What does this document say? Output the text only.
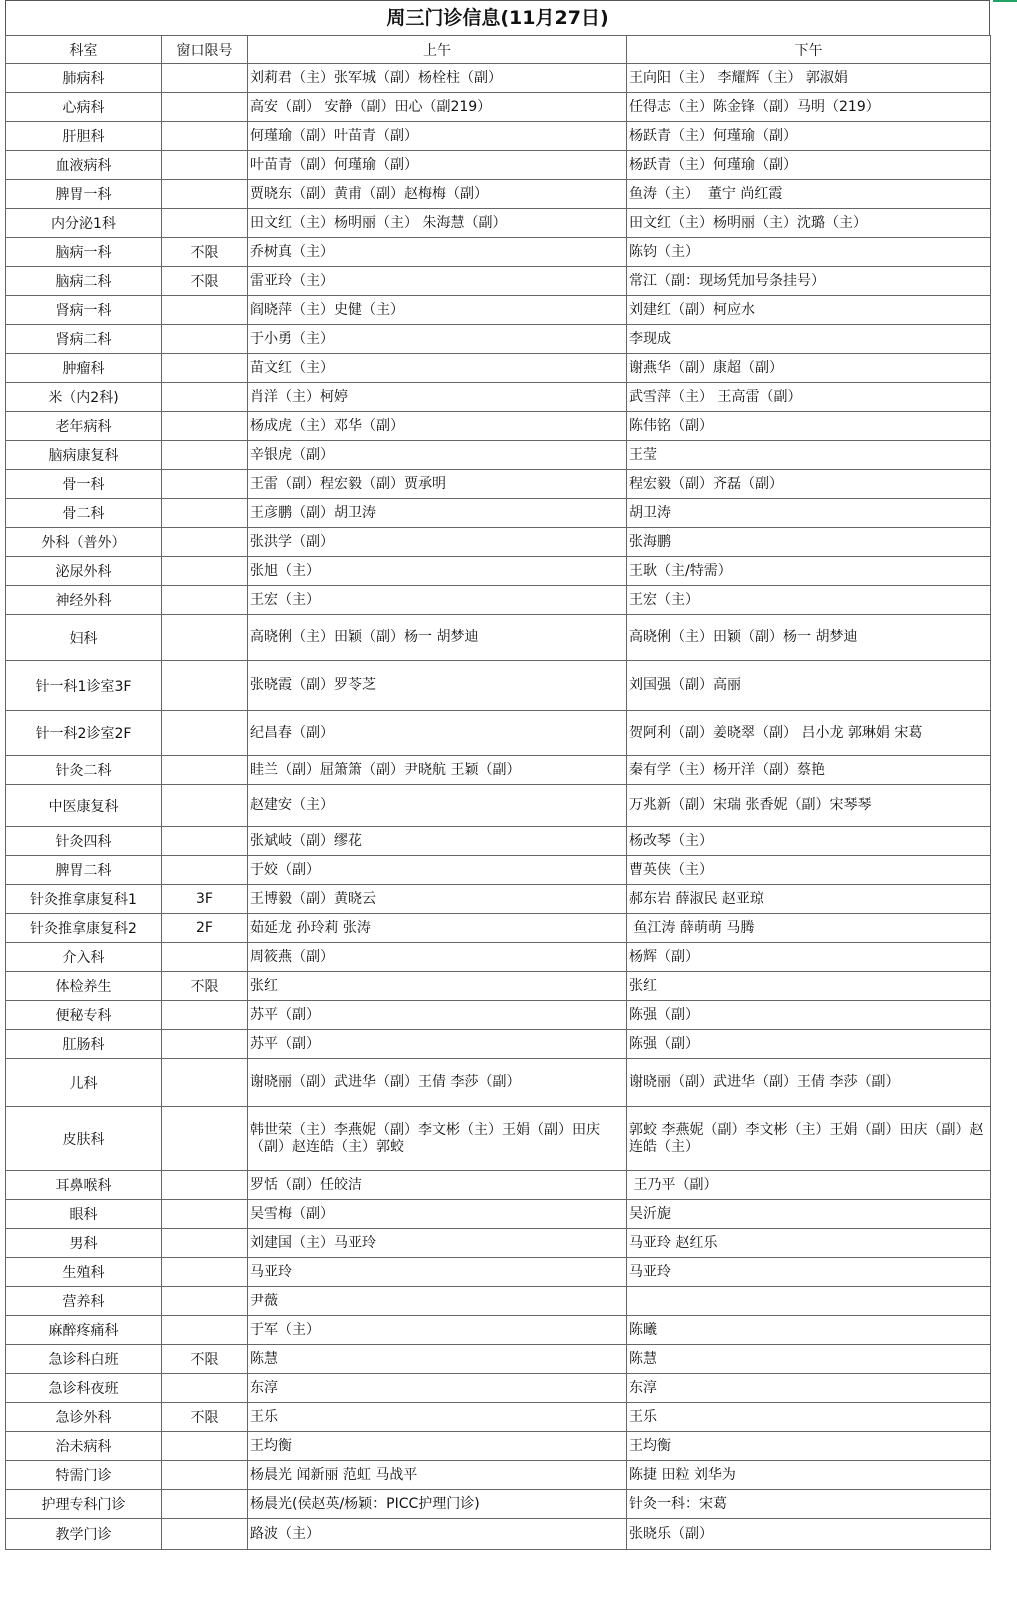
周三门诊信息(11月27日)
科室	窗口限号	上午	下午
肺病科		刘莉君（主）张军城（副）杨栓柱（副）	王向阳（主） 李耀辉（主） 郭淑娟
心病科		高安（副） 安静（副）田心（副219）	任得志（主）陈金锋（副）马明（219）
肝胆科		何瑾瑜（副）叶苗青（副）	杨跃青（主）何瑾瑜（副）
血液病科		叶苗青（副）何瑾瑜（副）	杨跃青（主）何瑾瑜（副）
脾胃一科		贾晓东（副）黄甫（副）赵梅梅（副）	鱼涛（主）  董宁 尚红霞
内分泌1科		田文红（主）杨明丽（主） 朱海慧（副）	田文红（主）杨明丽（主）沈璐（主）
脑病一科	不限	乔树真（主）	陈钧（主）
脑病二科	不限	雷亚玲（主）	常江（副：现场凭加号条挂号）
肾病一科		阎晓萍（主）史健（主）	刘建红（副）柯应水
肾病二科		于小勇（主）	李现成
肿瘤科		苗文红（主）	谢燕华（副）康超（副）
米（内2科)		肖洋（主）柯婷	武雪萍（主） 王高雷（副）
老年病科		杨成虎（主）邓华（副）	陈伟铭（副）
脑病康复科		辛银虎（副）	王莹
骨一科		王雷（副）程宏毅（副）贾承明	程宏毅（副）齐磊（副）
骨二科		王彦鹏（副）胡卫涛	胡卫涛
外科（普外）		张洪学（副）	张海鹏
泌尿外科		张旭（主）	王耿（主/特需）
神经外科		王宏（主）	王宏（主）
妇科		高晓俐（主）田颖（副）杨一 胡梦迪	高晓俐（主）田颖（副）杨一 胡梦迪
针一科1诊室3F		张晓霞（副）罗苓芝	刘国强（副）高丽
针一科2诊室2F		纪昌春（副）	贺阿利（副）姜晓翠（副） 吕小龙 郭琳娟 宋葛
针灸二科		眭兰（副）屈箫箫（副）尹晓航 王颖（副）	秦有学（主）杨开洋（副）蔡艳
中医康复科		赵建安（主）	万兆新（副）宋瑞 张香妮（副）宋琴琴
针灸四科		张斌岐（副）缪花	杨改琴（主）
脾胃二科		于姣（副）	曹英侠（主）
针灸推拿康复科1	3F	王博毅（副）黄晓云	郝东岩 薛淑民 赵亚琼
针灸推拿康复科2	2F	茹延龙 孙玲莉 张涛	鱼江涛 薛萌萌 马腾
介入科		周筱燕（副）	杨辉（副）
体检养生	不限	张红	张红
便秘专科		苏平（副）	陈强（副）
肛肠科		苏平（副）	陈强（副）
儿科		谢晓丽（副）武进华（副）王倩 李莎（副）	谢晓丽（副）武进华（副）王倩 李莎（副）
皮肤科		韩世荣（主）李燕妮（副）李文彬（主）王娟（副）田庆（副）赵连皓（主）郭蛟	郭蛟 李燕妮（副）李文彬（主）王娟（副）田庆（副）赵连皓（主）
耳鼻喉科		罗恬（副）任皎洁	王乃平（副）
眼科		吴雪梅（副）	吴沂旎
男科		刘建国（主）马亚玲	马亚玲 赵红乐
生殖科		马亚玲	马亚玲
营养科		尹薇	
麻醉疼痛科		于军（主）	陈曦
急诊科白班	不限	陈慧	陈慧
急诊科夜班		东淳	东淳
急诊外科	不限	王乐	王乐
治未病科		王均衡	王均衡
特需门诊		杨晨光 闻新丽 范虹 马战平	陈捷 田粒 刘华为
护理专科门诊		杨晨光(侯赵英/杨颖：PICC护理门诊)	针灸一科：宋葛
教学门诊		路波（主）	张晓乐（副）
